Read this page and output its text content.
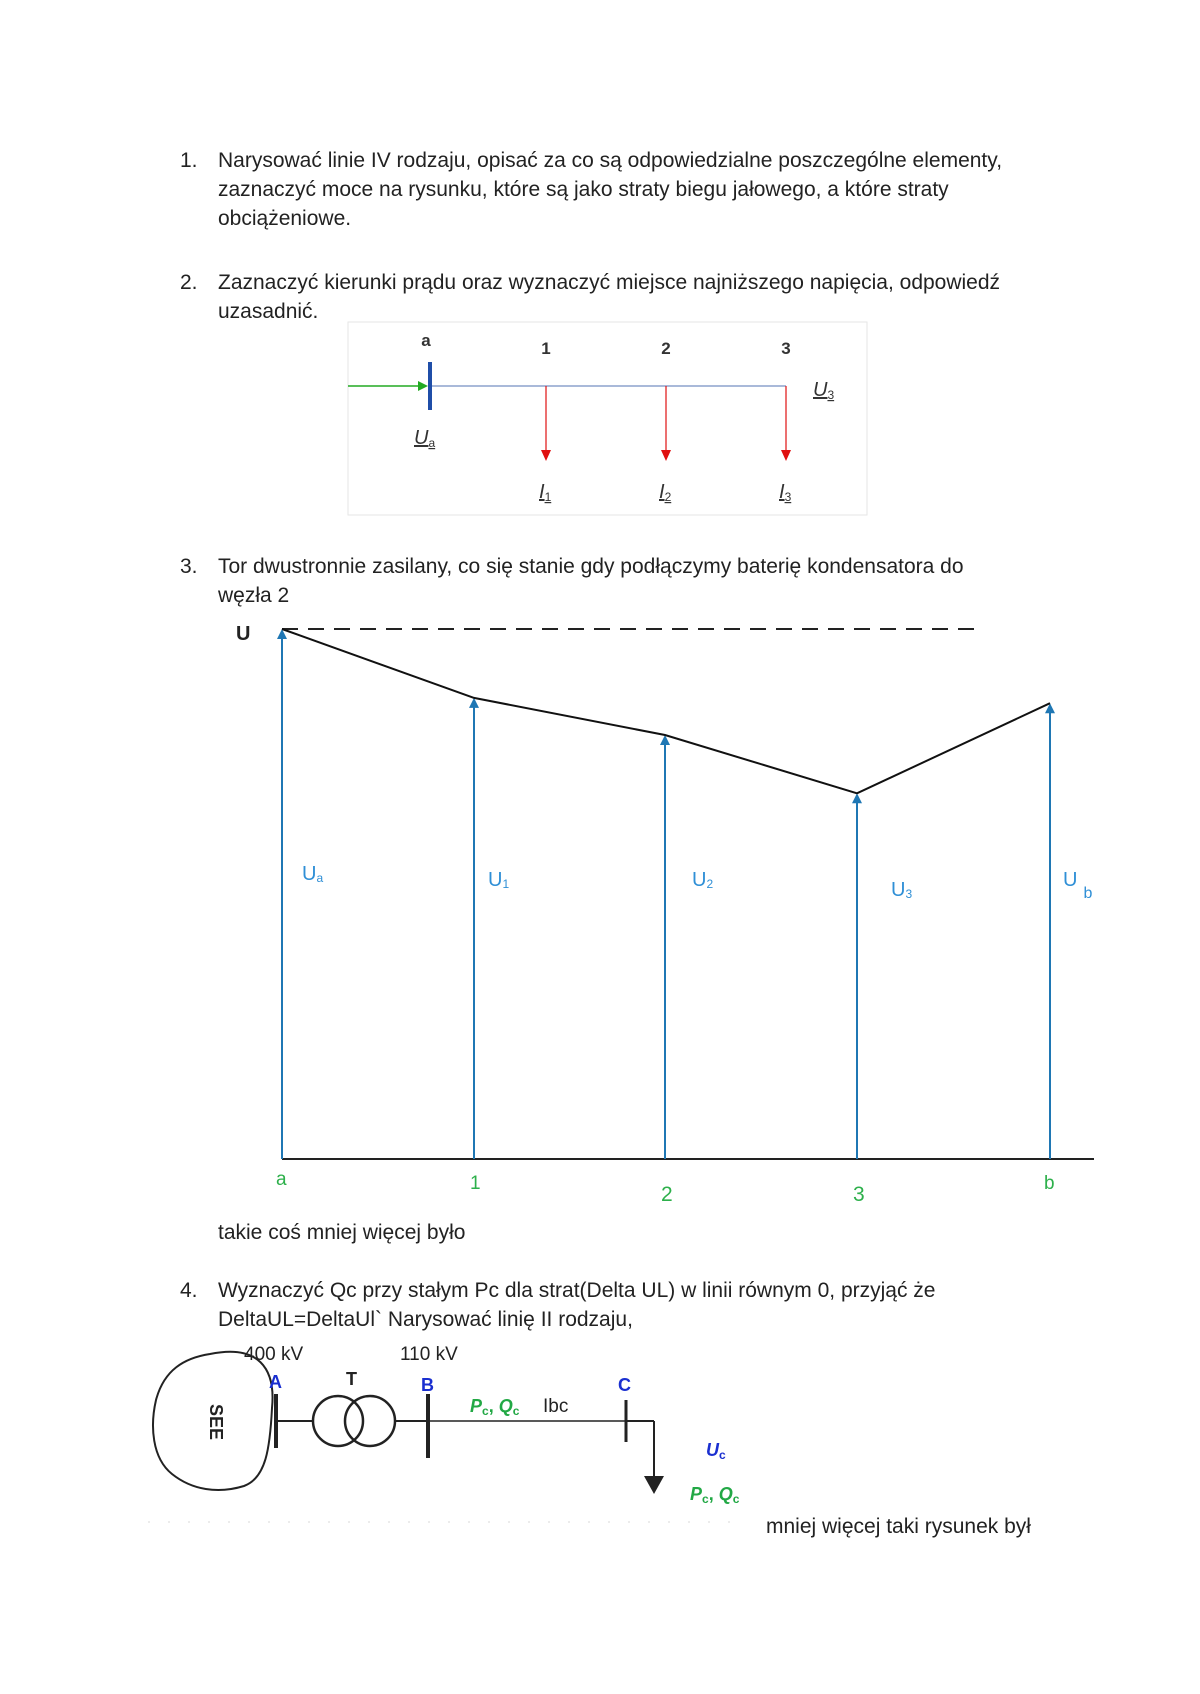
1. Narysować linie IV rodzaju, opisać za co są odpowiedzialne poszczególne elementy,
zaznaczyć moce na rysunku, które są jako straty biegu jałowego, a które straty
obciążeniowe.
2. Zaznaczyć kierunki prądu oraz wyznaczyć miejsce najniższego napięcia, odpowiedź
uzasadnić.
a	1	2	3
Ua
U3
I1	I2	I3
3. Tor dwustronnie zasilany, co się stanie gdy podłączymy baterię kondensatora do
węzła 2
U
Ua	U1	U2	U3
$U_b$
a	1	2	3	b
takie coś mniej więcej było
4. Wyznaczyć Qc przy stałym Pc dla strat(Delta UL) w linii równym 0, przyjąć że
DeltaUL=DeltaUl` Narysować linię II rodzaju,
SEE
400 kV	110 kV
A	T	B	C
Pc, Qc Ibc
Uc
Pc, Qc
mniej więcej taki rysunek był
